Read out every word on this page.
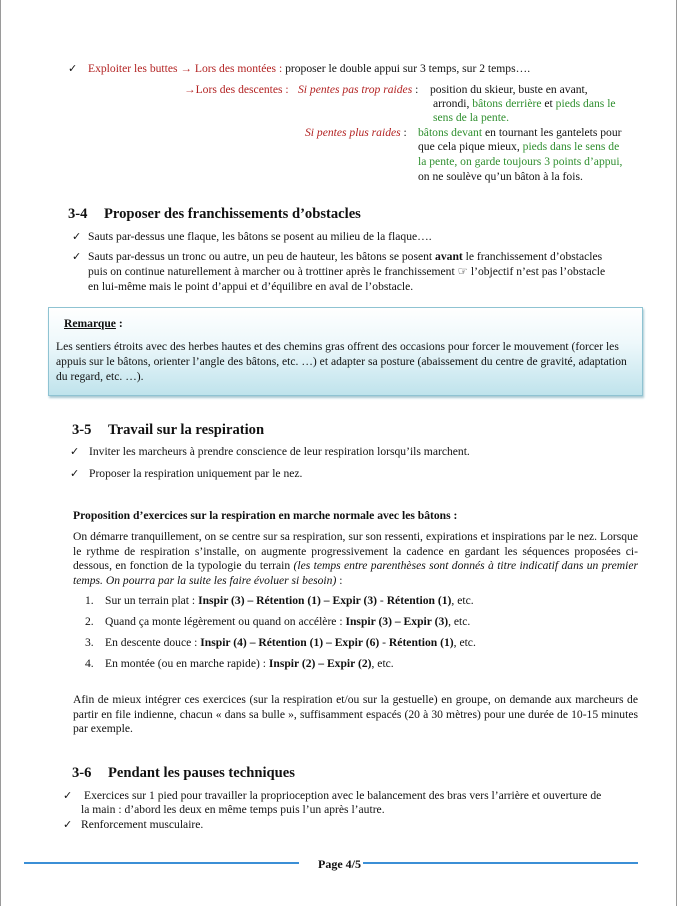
✓ Exploiter les buttes → Lors des montées : proposer le double appui sur 3 temps, sur 2 temps….
→Lors des descentes : Si pentes pas trop raides : position du skieur, buste en avant,
arrondi, bâtons derrière et pieds dans le
sens de la pente.
Si pentes plus raides : bâtons devant en tournant les gantelets pour
que cela pique mieux, pieds dans le sens de
la pente, on garde toujours 3 points d’appui,
on ne soulève qu’un bâton à la fois.
3-4 Proposer des franchissements d’obstacles
✓ Sauts par-dessus une flaque, les bâtons se posent au milieu de la flaque….
✓ Sauts par-dessus un tronc ou autre, un peu de hauteur, les bâtons se posent avant le franchissement d’obstacles
puis on continue naturellement à marcher ou à trottiner après le franchissement ☞ l’objectif n’est pas l’obstacle
en lui-même mais le point d’appui et d’équilibre en aval de l’obstacle.
Remarque :
Les sentiers étroits avec des herbes hautes et des chemins gras offrent des occasions pour forcer le mouvement (forcer les appuis sur le bâtons, orienter l’angle des bâtons, etc. …) et adapter sa posture (abaissement du centre de gravité, adaptation du regard, etc. …).
3-5 Travail sur la respiration
✓ Inviter les marcheurs à prendre conscience de leur respiration lorsqu’ils marchent.
✓ Proposer la respiration uniquement par le nez.
Proposition d’exercices sur la respiration en marche normale avec les bâtons :
On démarre tranquillement, on se centre sur sa respiration, sur son ressenti, expirations et inspirations par le nez. Lorsque le rythme de respiration s’installe, on augmente progressivement la cadence en gardant les séquences proposées ci-dessous, en fonction de la typologie du terrain (les temps entre parenthèses sont donnés à titre indicatif dans un premier temps. On pourra par la suite les faire évoluer si besoin) :
1. Sur un terrain plat : Inspir (3) – Rétention (1) – Expir (3) - Rétention (1), etc.
2. Quand ça monte légèrement ou quand on accélère : Inspir (3) – Expir (3), etc.
3. En descente douce : Inspir (4) – Rétention (1) – Expir (6) - Rétention (1), etc.
4. En montée (ou en marche rapide) : Inspir (2) – Expir (2), etc.
Afin de mieux intégrer ces exercices (sur la respiration et/ou sur la gestuelle) en groupe, on demande aux marcheurs de partir en file indienne, chacun « dans sa bulle », suffisamment espacés (20 à 30 mètres) pour une durée de 10-15 minutes par exemple.
3-6 Pendant les pauses techniques
✓ Exercices sur 1 pied pour travailler la proprioception avec le balancement des bras vers l’arrière et ouverture de
la main : d’abord les deux en même temps puis l’un après l’autre.
✓ Renforcement musculaire.
Page 4/5
